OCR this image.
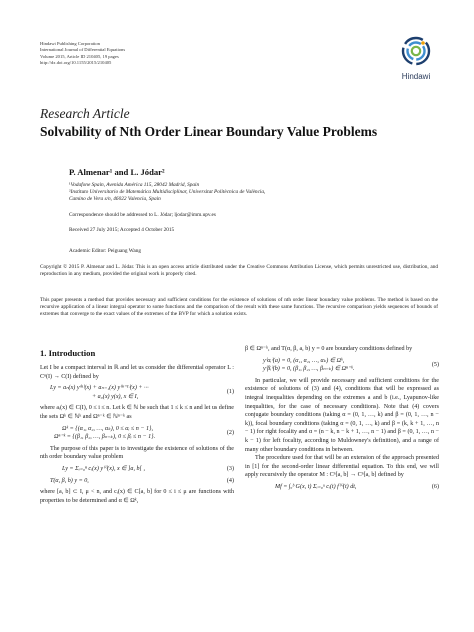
Hindawi Publishing Corporation
International Journal of Differential Equations
Volume 2015, Article ID 210405, 19 pages
http://dx.doi.org/10.1155/2015/210405
Hindawi
Research Article
Solvability of Nth Order Linear Boundary Value Problems
P. Almenar¹ and L. Jódar²
¹Vodafone Spain, Avenida América 115, 28042 Madrid, Spain
²Instituto Universitario de Matemática Multidisciplinar, Universitat Politècnica de València,
Camino de Vera s/n, 46022 Valencia, Spain
Correspondence should be addressed to L. Jódar; ljodar@imm.upv.es
Received 27 July 2015; Accepted 4 October 2015
Academic Editor: Peiguang Wang
Copyright © 2015 P. Almenar and L. Jódar. This is an open access article distributed under the Creative Commons Attribution License, which permits unrestricted use, distribution, and reproduction in any medium, provided the original work is properly cited.
This paper presents a method that provides necessary and sufficient conditions for the existence of solutions of nth order linear boundary value problems. The method is based on the recursive application of a linear integral operator to some functions and the comparison of the result with these same functions. The recursive comparison yields sequences of bounds of extremes that converge to the exact values of the extremes of the BVP for which a solution exists.
1. Introduction

Let I be a compact interval in ℝ and let us consider the differential operator L : Cⁿ(I) → C(I) defined by

Ly = aₙ(x) y⁽ⁿ⁾(x) + aₙ₋₁(x) y⁽ⁿ⁻¹⁾(x) + ···
+ a₀(x) y(x), x ∈ I,
(1)

where aᵢ(x) ∈ C(I), 0 ≤ i ≤ n. Let k ∈ ℕ be such that 1 ≤ k ≤ n and let us define the sets Ωᵏ ∈ ℕᵏ and Ωⁿ⁻ᵏ ∈ ℕⁿ⁻ᵏ as

Ωᵏ = {(α₁, α₂, …, αₖ), 0 ≤ αᵢ ≤ n − 1},
Ωⁿ⁻ᵏ = {(β₁, β₂, …, βₙ₋ₖ), 0 ≤ βᵢ ≤ n − 1}.
(2)

The purpose of this paper is to investigate the existence of solutions of the nth order boundary value problem

Ly = Σᵢ₌₀ⁿ cᵢ(x) y⁽ⁱ⁾(x), x ∈ ]a, b[ ,	(3)
T(α, β, b) y = 0,	(4)

where [a, b] ⊂ I, μ < n, and cᵢ(x) ∈ C[a, b] for 0 ≤ i ≤ μ are functions with properties to be determined and α ∈ Ωᵏ,

β ∈ Ωⁿ⁻ᵏ, and T(α, β, a, b) y = 0 are boundary conditions defined by

y⁽αᵢ⁾(a) = 0, (α₁, α₂, …, αₖ) ∈ Ωᵏ,
y⁽βᵢ⁾(b) = 0, (β₁, β₂, …, βₙ₋ₖ) ∈ Ωⁿ⁻ᵏ.
(5)

In particular, we will provide necessary and sufficient conditions for the existence of solutions of (3) and (4), conditions that will be expressed as integral inequalities depending on the extremes a and b (i.e., Lyapunov-like inequalities, for the case of necessary conditions). Note that (4) covers conjugate boundary conditions (taking α = (0, 1, …, k) and β = (0, 1, …, n − k)), focal boundary conditions (taking α = (0, 1, …, k) and β = (k, k + 1, …, n − 1) for right focality and α = (n − k, n − k + 1, …, n − 1) and β = (0, 1, …, n − k − 1) for left focality, according to Muldowney's definition), and a range of many other boundary conditions in between.

The procedure used for that will be an extension of the approach presented in [1] for the second-order linear differential equation. To this end, we will apply recursively the operator M : Cⁿ[a, b] → Cⁿ[a, b] defined by

Mf = ∫ₐᵇ G(x, t) Σᵢ₌₀ᵘ cᵢ(t) f⁽ⁱ⁾(t) dt,	(6)
